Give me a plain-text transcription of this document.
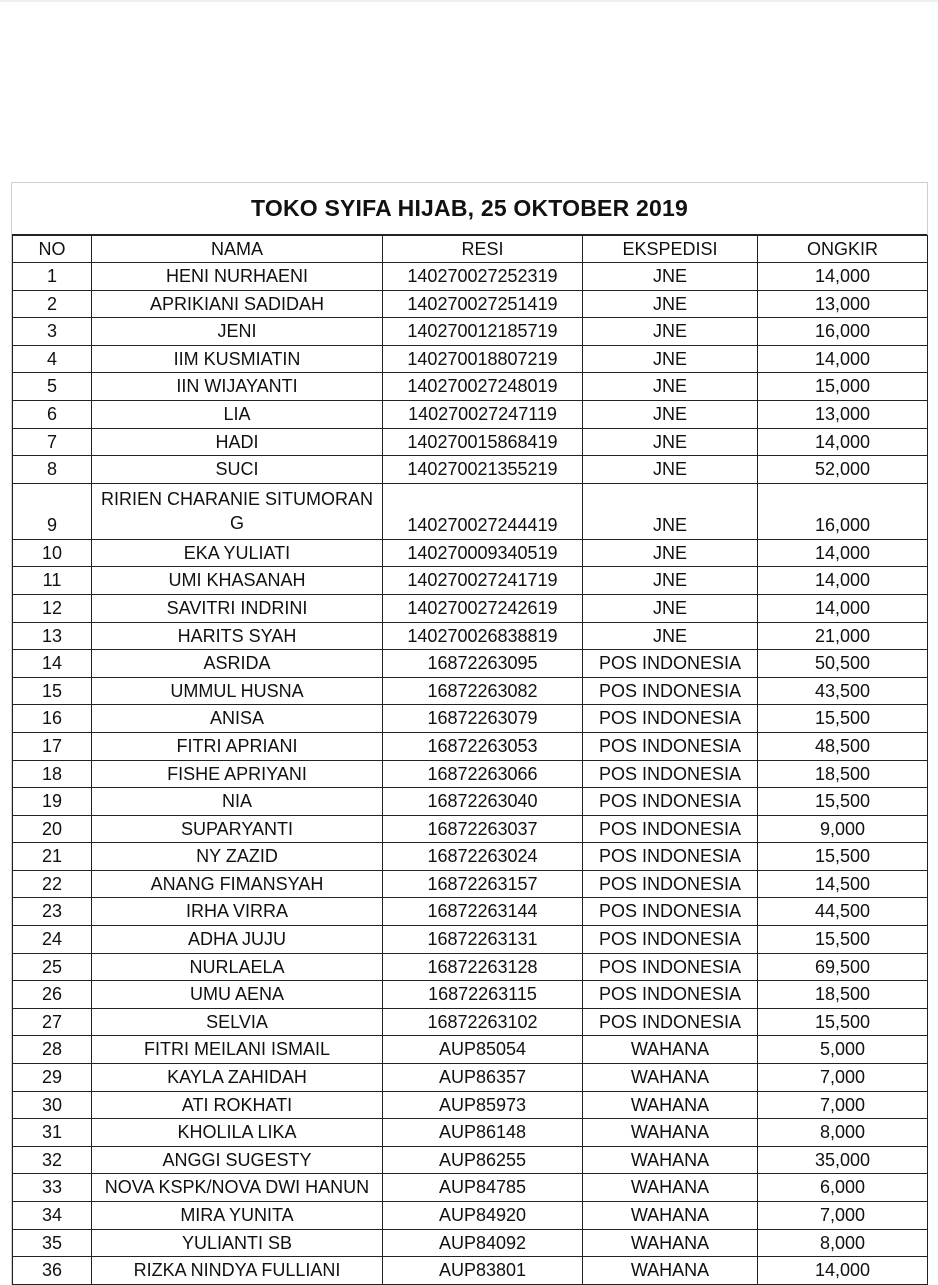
TOKO SYIFA HIJAB, 25 OKTOBER 2019
NO	NAMA	RESI	EKSPEDISI	ONGKIR
1	HENI NURHAENI	140270027252319	JNE	14,000
2	APRIKIANI SADIDAH	140270027251419	JNE	13,000
3	JENI	140270012185719	JNE	16,000
4	IIM KUSMIATIN	140270018807219	JNE	14,000
5	IIN WIJAYANTI	140270027248019	JNE	15,000
6	LIA	140270027247119	JNE	13,000
7	HADI	140270015868419	JNE	14,000
8	SUCI	140270021355219	JNE	52,000
9	RIRIEN CHARANIE SITUMORAN G	140270027244419	JNE	16,000
10	EKA YULIATI	140270009340519	JNE	14,000
11	UMI KHASANAH	140270027241719	JNE	14,000
12	SAVITRI INDRINI	140270027242619	JNE	14,000
13	HARITS SYAH	140270026838819	JNE	21,000
14	ASRIDA	16872263095	POS INDONESIA	50,500
15	UMMUL HUSNA	16872263082	POS INDONESIA	43,500
16	ANISA	16872263079	POS INDONESIA	15,500
17	FITRI APRIANI	16872263053	POS INDONESIA	48,500
18	FISHE APRIYANI	16872263066	POS INDONESIA	18,500
19	NIA	16872263040	POS INDONESIA	15,500
20	SUPARYANTI	16872263037	POS INDONESIA	9,000
21	NY ZAZID	16872263024	POS INDONESIA	15,500
22	ANANG FIMANSYAH	16872263157	POS INDONESIA	14,500
23	IRHA VIRRA	16872263144	POS INDONESIA	44,500
24	ADHA JUJU	16872263131	POS INDONESIA	15,500
25	NURLAELA	16872263128	POS INDONESIA	69,500
26	UMU AENA	16872263115	POS INDONESIA	18,500
27	SELVIA	16872263102	POS INDONESIA	15,500
28	FITRI MEILANI ISMAIL	AUP85054	WAHANA	5,000
29	KAYLA ZAHIDAH	AUP86357	WAHANA	7,000
30	ATI ROKHATI	AUP85973	WAHANA	7,000
31	KHOLILA LIKA	AUP86148	WAHANA	8,000
32	ANGGI SUGESTY	AUP86255	WAHANA	35,000
33	NOVA KSPK/NOVA DWI HANUN	AUP84785	WAHANA	6,000
34	MIRA YUNITA	AUP84920	WAHANA	7,000
35	YULIANTI SB	AUP84092	WAHANA	8,000
36	RIZKA NINDYA FULLIANI	AUP83801	WAHANA	14,000
